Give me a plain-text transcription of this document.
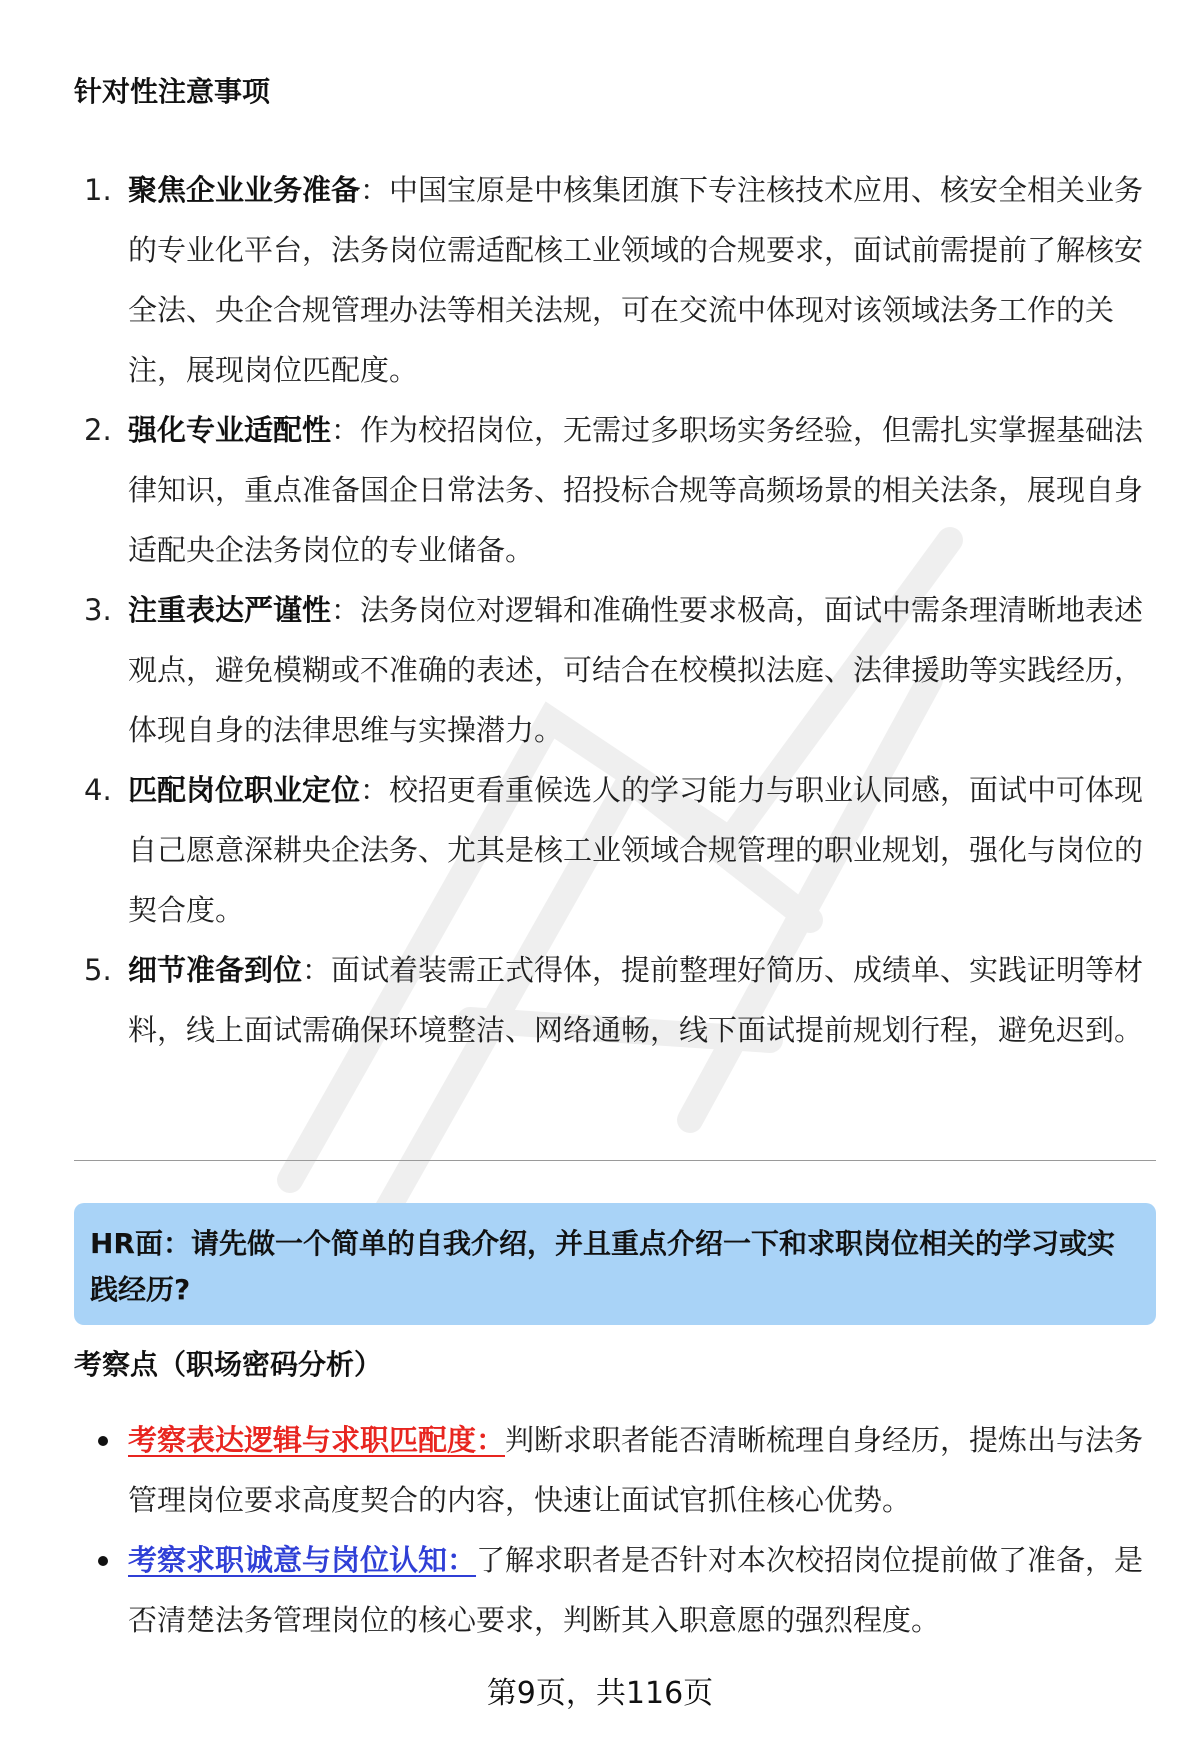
针对性注意事项
1. 聚焦企业业务准备：中国宝原是中核集团旗下专注核技术应用、核安全相关业务的专业化平台，法务岗位需适配核工业领域的合规要求，面试前需提前了解核安全法、央企合规管理办法等相关法规，可在交流中体现对该领域法务工作的关注，展现岗位匹配度。
2. 强化专业适配性：作为校招岗位，无需过多职场实务经验，但需扎实掌握基础法律知识，重点准备国企日常法务、招投标合规等高频场景的相关法条，展现自身适配央企法务岗位的专业储备。
3. 注重表达严谨性：法务岗位对逻辑和准确性要求极高，面试中需条理清晰地表述观点，避免模糊或不准确的表述，可结合在校模拟法庭、法律援助等实践经历，体现自身的法律思维与实操潜力。
4. 匹配岗位职业定位：校招更看重候选人的学习能力与职业认同感，面试中可体现自己愿意深耕央企法务、尤其是核工业领域合规管理的职业规划，强化与岗位的契合度。
5. 细节准备到位：面试着装需正式得体，提前整理好简历、成绩单、实践证明等材料，线上面试需确保环境整洁、网络通畅，线下面试提前规划行程，避免迟到。
HR面：请先做一个简单的自我介绍，并且重点介绍一下和求职岗位相关的学习或实践经历?
考察点（职场密码分析）
考察表达逻辑与求职匹配度：判断求职者能否清晰梳理自身经历，提炼出与法务管理岗位要求高度契合的内容，快速让面试官抓住核心优势。
考察求职诚意与岗位认知：了解求职者是否针对本次校招岗位提前做了准备，是否清楚法务管理岗位的核心要求，判断其入职意愿的强烈程度。
第9页，共116页
